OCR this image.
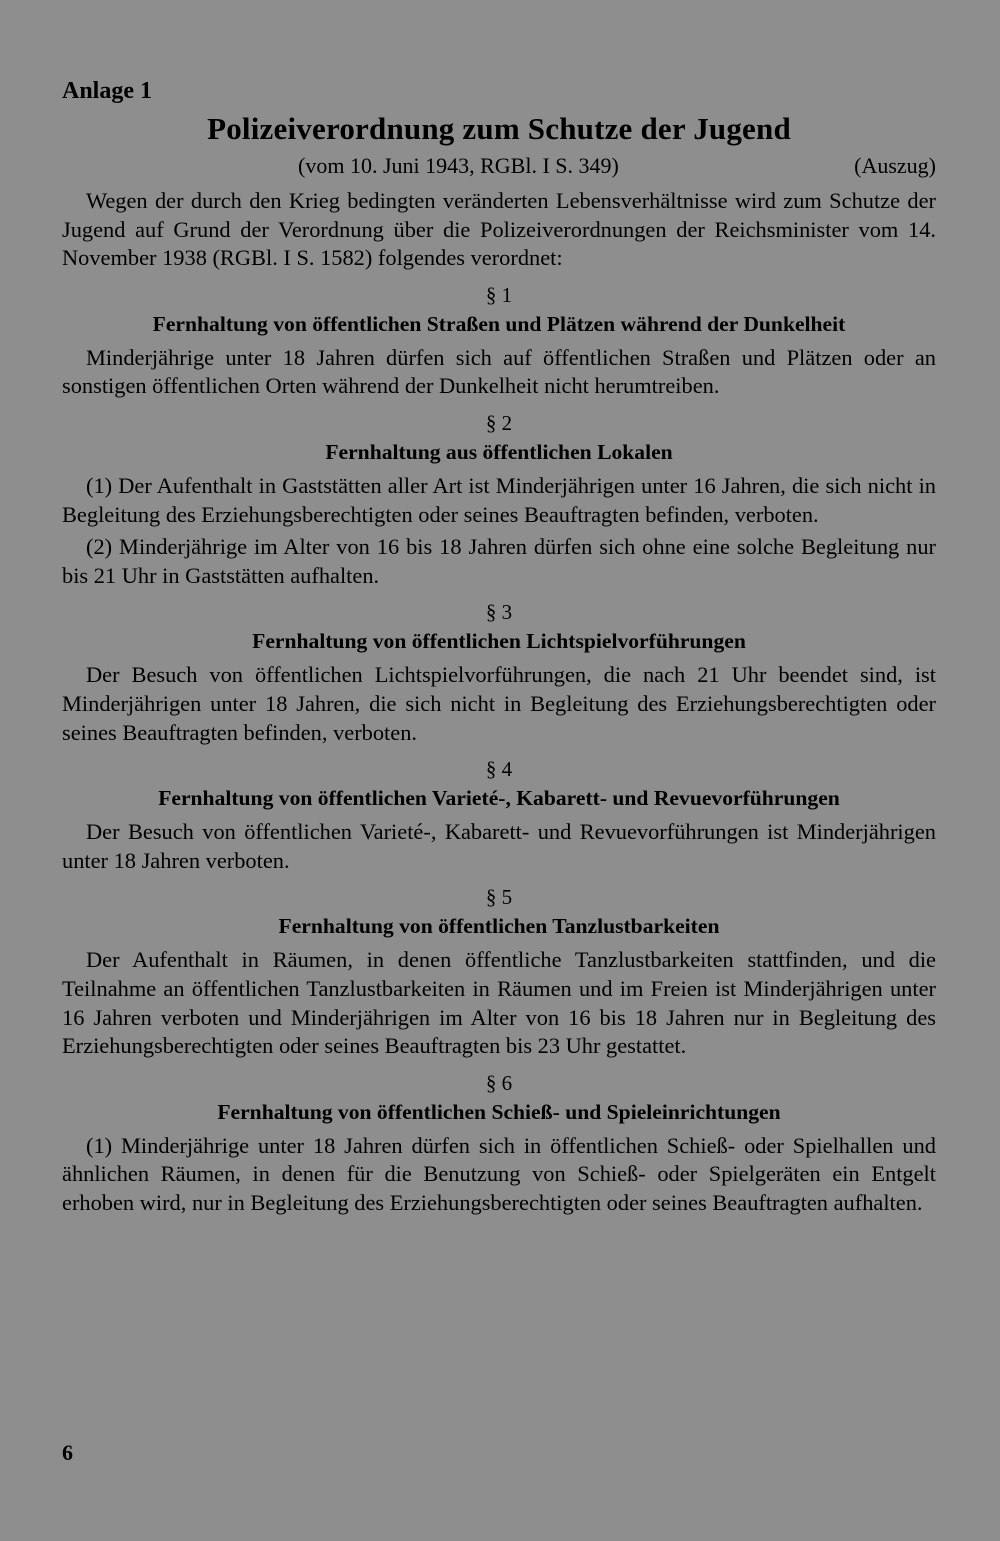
Anlage 1
Polizeiverordnung zum Schutze der Jugend
(vom 10. Juni 1943, RGBl. I S. 349)	(Auszug)

Wegen der durch den Krieg bedingten veränderten Lebensverhältnisse wird zum Schutze der Jugend auf Grund der Verordnung über die Polizeiverordnungen der Reichsminister vom 14. November 1938 (RGBl. I S. 1582) folgendes verordnet:

§ 1
Fernhaltung von öffentlichen Straßen und Plätzen während der Dunkelheit

Minderjährige unter 18 Jahren dürfen sich auf öffentlichen Straßen und Plätzen oder an sonstigen öffentlichen Orten während der Dunkelheit nicht herumtreiben.

§ 2
Fernhaltung aus öffentlichen Lokalen

(1) Der Aufenthalt in Gaststätten aller Art ist Minderjährigen unter 16 Jahren, die sich nicht in Begleitung des Erziehungsberechtigten oder seines Beauftragten befinden, verboten.

(2) Minderjährige im Alter von 16 bis 18 Jahren dürfen sich ohne eine solche Begleitung nur bis 21 Uhr in Gaststätten aufhalten.

§ 3
Fernhaltung von öffentlichen Lichtspielvorführungen

Der Besuch von öffentlichen Lichtspielvorführungen, die nach 21 Uhr beendet sind, ist Minderjährigen unter 18 Jahren, die sich nicht in Begleitung des Erziehungsberechtigten oder seines Beauftragten befinden, verboten.

§ 4
Fernhaltung von öffentlichen Varieté-, Kabarett- und Revuevorführungen

Der Besuch von öffentlichen Varieté-, Kabarett- und Revuevorführungen ist Minderjährigen unter 18 Jahren verboten.

§ 5
Fernhaltung von öffentlichen Tanzlustbarkeiten

Der Aufenthalt in Räumen, in denen öffentliche Tanzlustbarkeiten stattfinden, und die Teilnahme an öffentlichen Tanzlustbarkeiten in Räumen und im Freien ist Minderjährigen unter 16 Jahren verboten und Minderjährigen im Alter von 16 bis 18 Jahren nur in Begleitung des Erziehungsberechtigten oder seines Beauftragten bis 23 Uhr gestattet.

§ 6
Fernhaltung von öffentlichen Schieß- und Spieleinrichtungen

(1) Minderjährige unter 18 Jahren dürfen sich in öffentlichen Schieß- oder Spielhallen und ähnlichen Räumen, in denen für die Benutzung von Schieß- oder Spielgeräten ein Entgelt erhoben wird, nur in Begleitung des Erziehungsberechtigten oder seines Beauftragten aufhalten.

6
